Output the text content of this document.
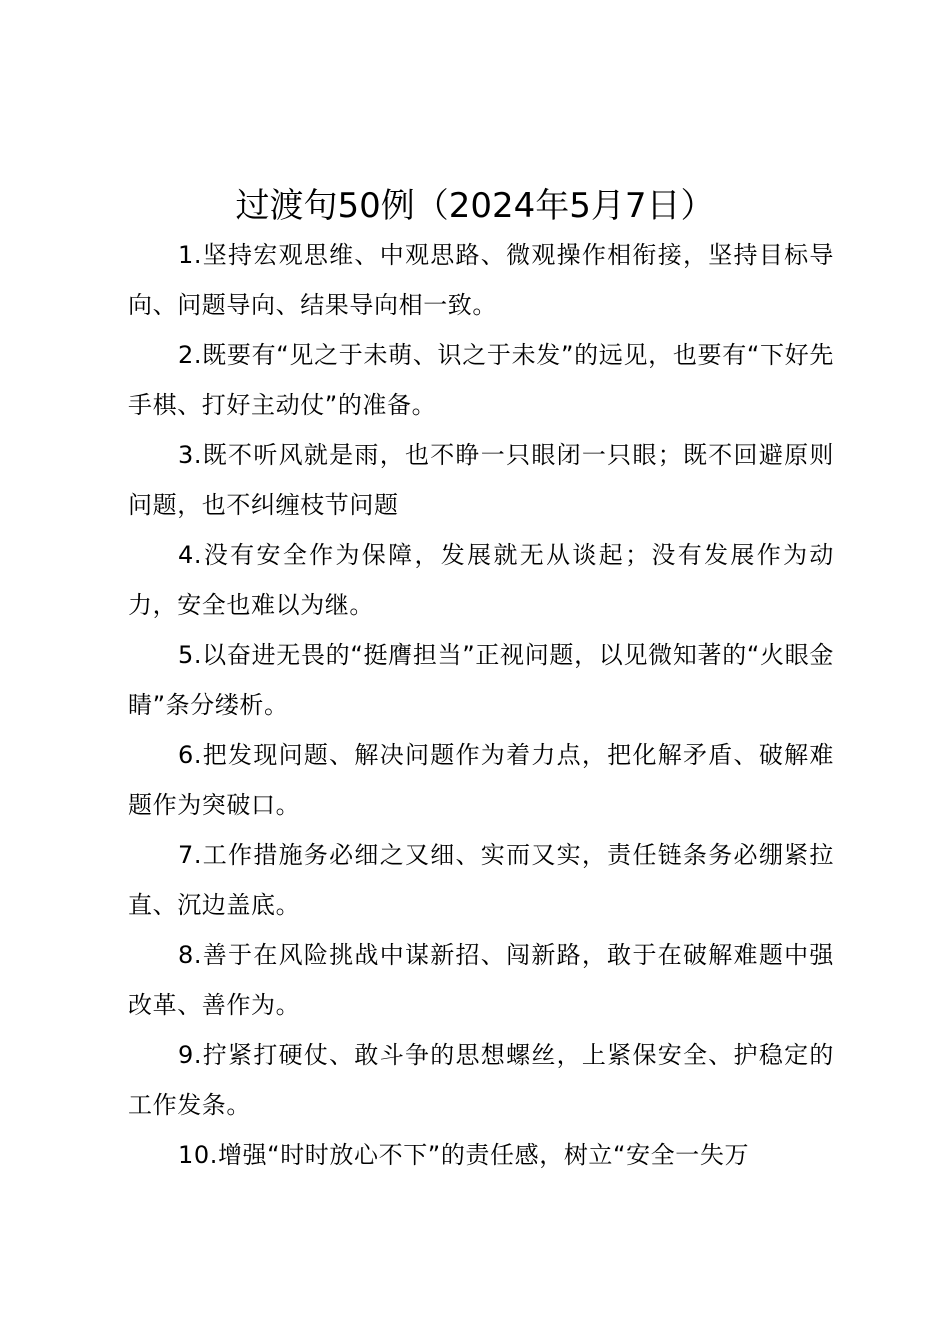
过渡句50例（2024年5月7日）

1.坚持宏观思维、中观思路、微观操作相衔接，坚持目标导向、问题导向、结果导向相一致。

2.既要有“见之于未萌、识之于未发”的远见，也要有“下好先手棋、打好主动仗”的准备。

3.既不听风就是雨，也不睁一只眼闭一只眼；既不回避原则问题，也不纠缠枝节问题

4.没有安全作为保障，发展就无从谈起；没有发展作为动力，安全也难以为继。

5.以奋进无畏的“挺膺担当”正视问题，以见微知著的“火眼金睛”条分缕析。

6.把发现问题、解决问题作为着力点，把化解矛盾、破解难题作为突破口。

7.工作措施务必细之又细、实而又实，责任链条务必绷紧拉直、沉边盖底。

8.善于在风险挑战中谋新招、闯新路，敢于在破解难题中强改革、善作为。

9.拧紧打硬仗、敢斗争的思想螺丝，上紧保安全、护稳定的工作发条。

10.增强“时时放心不下”的责任感，树立“安全一失万
